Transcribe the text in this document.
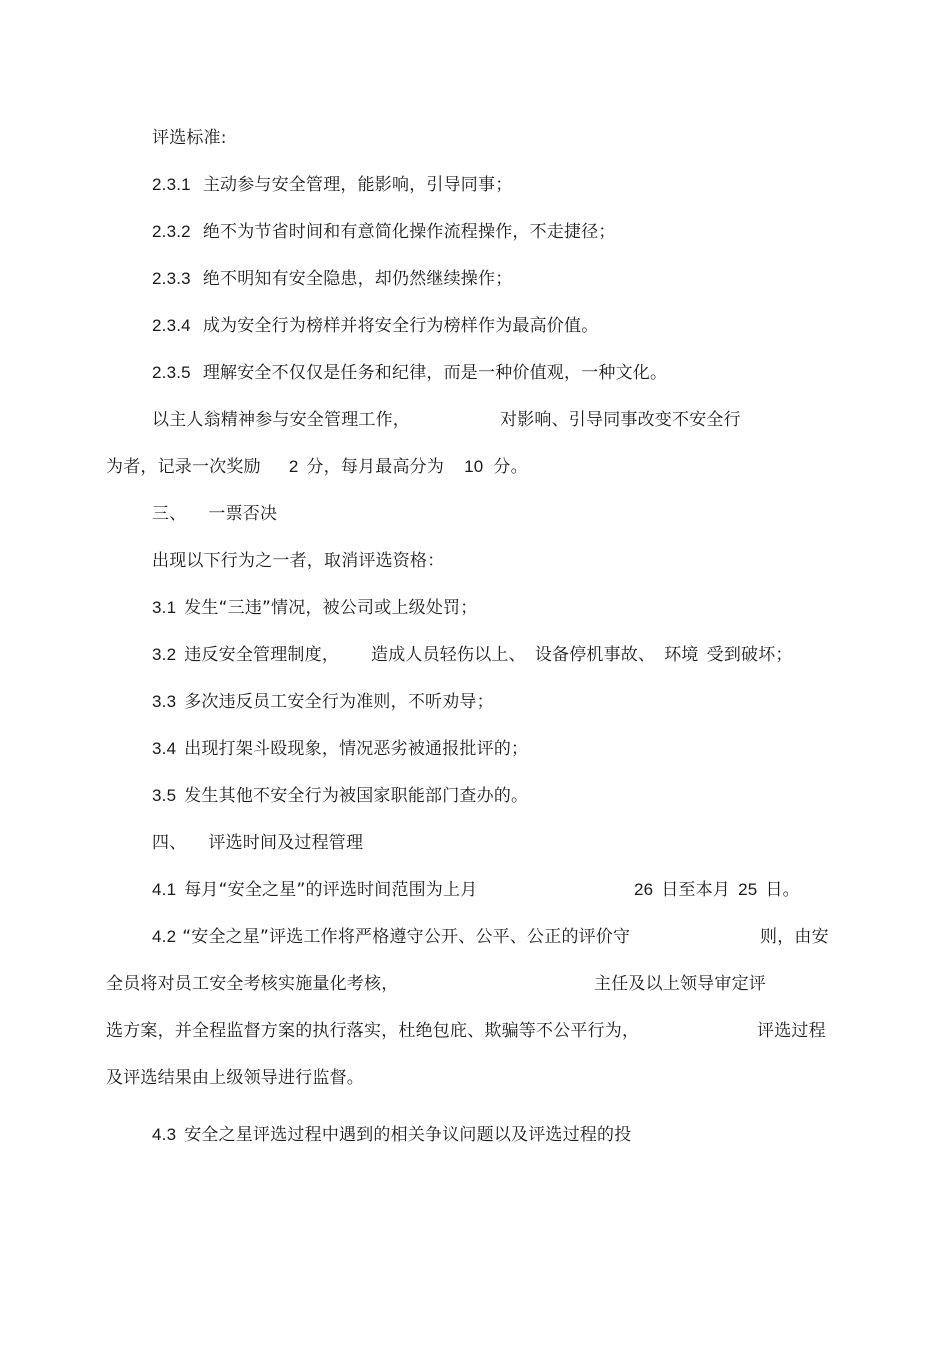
评选标准:
2.3.1 主动参与安全管理，能影响，引导同事；
2.3.2 绝不为节省时间和有意简化操作流程操作，不走捷径；
2.3.3 绝不明知有安全隐患，却仍然继续操作；
2.3.4 成为安全行为榜样并将安全行为榜样作为最高价值。
2.3.5 理解安全不仅仅是任务和纪律，而是一种价值观，一种文化。
以主人翁精神参与安全管理工作，	对影响、引导同事改变不安全行
为者，记录一次奖励 2 分，每月最高分为 10 分。
三、 一票否决
出现以下行为之一者，取消评选资格：
3.1 发生“三违”情况，被公司或上级处罚；
3.2 违反安全管理制度， 造成人员轻伤以上、 设备停机事故、 环境 受到破坏；
3.3 多次违反员工安全行为准则，不听劝导；
3.4 出现打架斗殴现象，情况恶劣被通报批评的；
3.5 发生其他不安全行为被国家职能部门查办的。
四、 评选时间及过程管理
4.1 每月“安全之星”的评选时间范围为上月	26 日至本月 25 日。
4.2 “安全之星”评选工作将严格遵守公开、公平、公正的评价守	则，由安
全员将对员工安全考核实施量化考核，	主任及以上领导审定评
选方案，并全程监督方案的执行落实，杜绝包庇、欺骗等不公平行为，	评选过程
及评选结果由上级领导进行监督。
4.3 安全之星评选过程中遇到的相关争议问题以及评选过程的投
